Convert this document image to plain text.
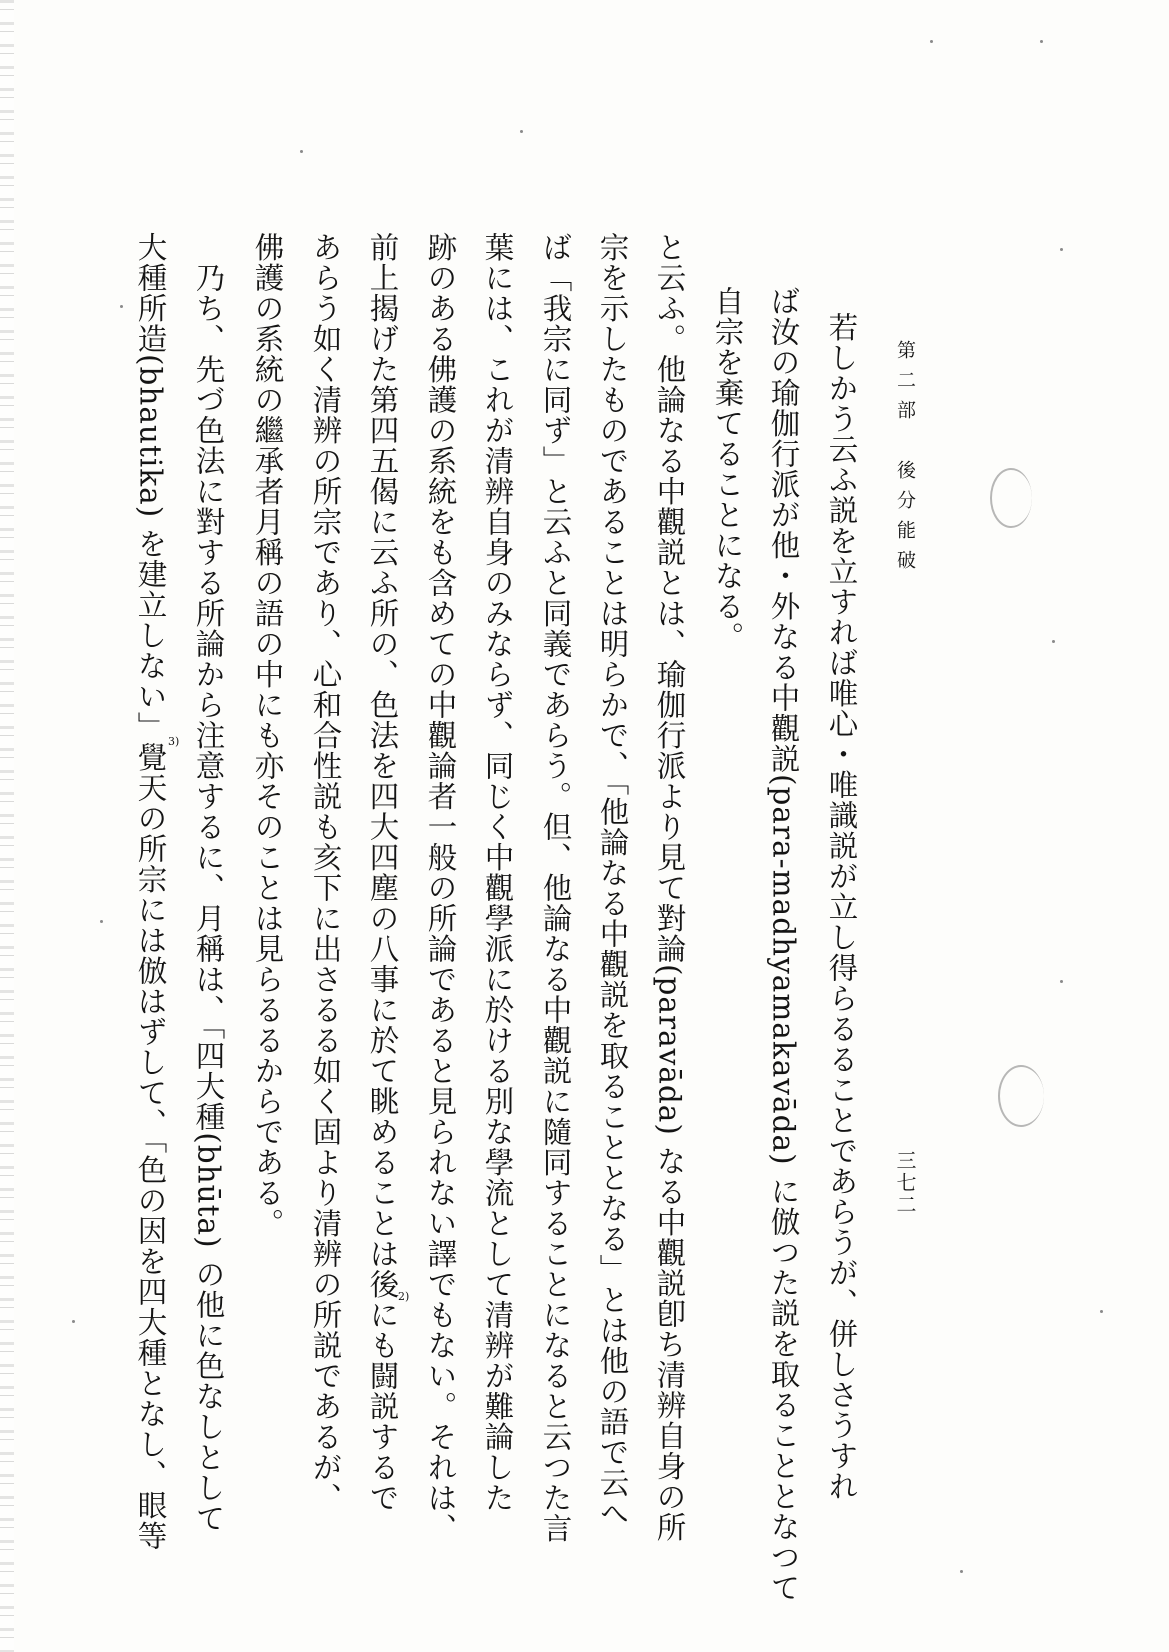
第二部　後分能破
三七二
若しかう云ふ説を立すれば唯心・唯識説が立し得らるることであらうが、併しさうすれ
ば汝の瑜伽行派が他・外なる中觀説(para-madhyamakavāda) に倣つた説を取ることとなつて
自宗を棄てることになる。
と云ふ。他論なる中觀説とは、瑜伽行派より見て對論(paravāda) なる中觀説卽ち清辨自身の所
宗を示したものであることは明らかで、「他論なる中觀説を取ることとなる」とは他の語で云へ
ば「我宗に同ず」と云ふと同義であらう。但、他論なる中觀説に隨同することになると云つた言
葉には、これが清辨自身のみならず、同じく中觀學派に於ける別な學流として清辨が難論した
跡のある佛護の系統をも含めての中觀論者一般の所論であると見られない譯でもない。それは、
前上揭げた第四五偈に云ふ所の、色法を四大四塵の八事に於て眺めることは後にも闘説するで
あらう如く清辨の所宗であり、心和合性説も亥下に出さるる如く固より清辨の所説であるが、
佛護の系統の繼承者月稱の語の中にも亦そのことは見らるるからである。
　乃ち、先づ色法に對する所論から注意するに、月稱は、「四大種(bhūta) の他に色なしとして
大種所造(bhautika) を建立しない」覺天の所宗には倣はずして、「色の因を四大種となし、眼等	2)
3)
